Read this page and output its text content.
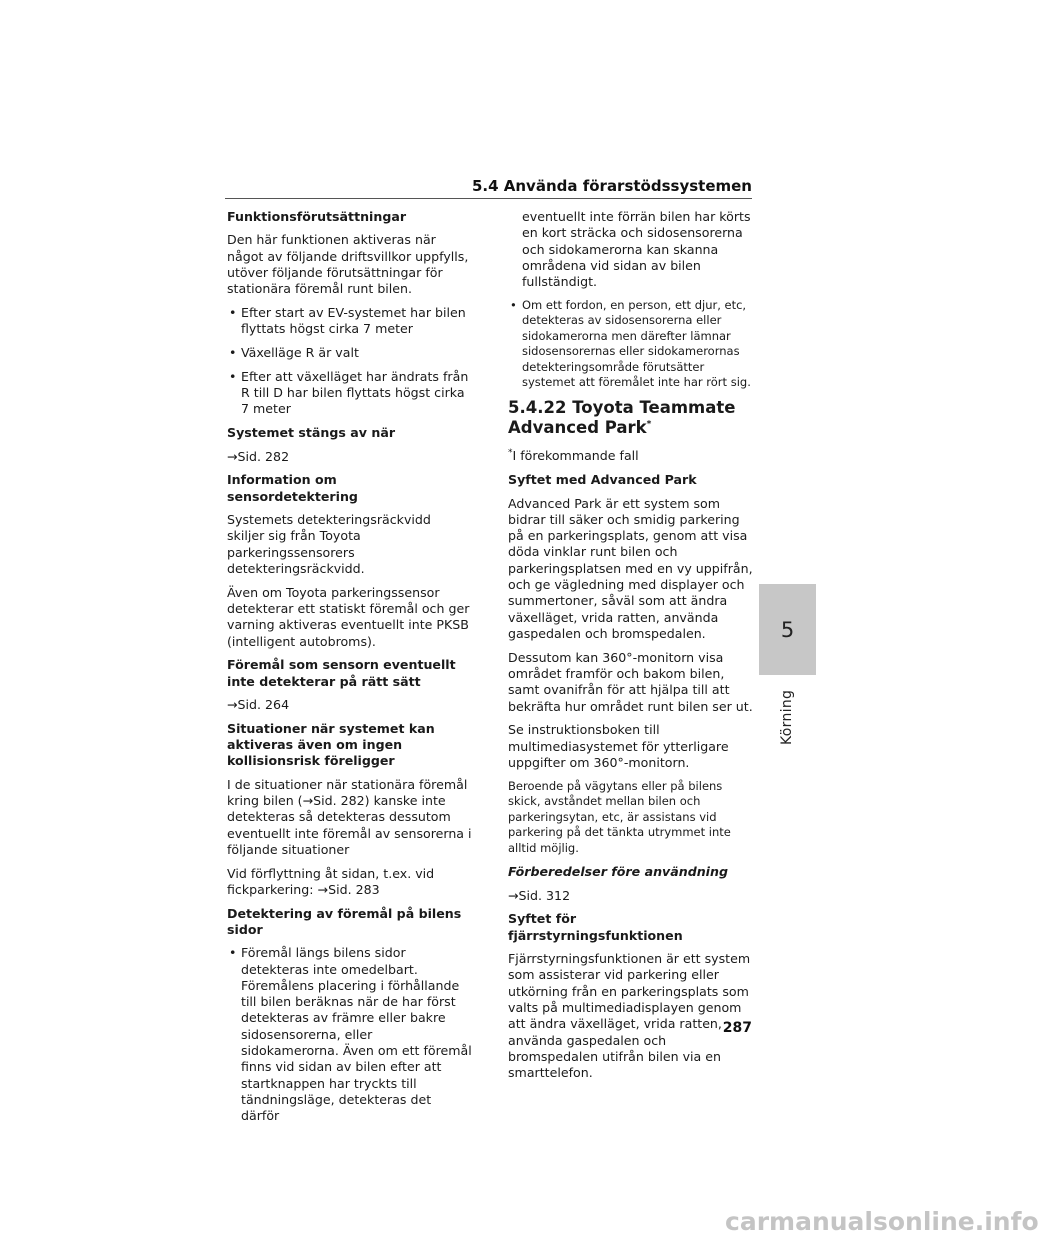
5.4 Använda förarstödssystemen

Funktionsförutsättningar

Den här funktionen aktiveras när något av följande driftsvillkor uppfylls, utöver följande förutsättningar för stationära föremål runt bilen.

• Efter start av EV-systemet har bilen flyttats högst cirka 7 meter
• Växelläge R är valt
• Efter att växelläget har ändrats från R till D har bilen flyttats högst cirka 7 meter

Systemet stängs av när

→Sid. 282

Information om sensordetektering

Systemets detekteringsräckvidd skiljer sig från Toyota parkeringssensorers detekteringsräckvidd.

Även om Toyota parkeringssensor detekterar ett statiskt föremål och ger varning aktiveras eventuellt inte PKSB (intelligent autobroms).

Föremål som sensorn eventuellt inte detekterar på rätt sätt

→Sid. 264

Situationer när systemet kan aktiveras även om ingen kollisionsrisk föreligger

I de situationer när stationära föremål kring bilen (→Sid. 282) kanske inte detekteras så detekteras dessutom eventuellt inte föremål av sensorerna i följande situationer

Vid förflyttning åt sidan, t.ex. vid fickparkering: →Sid. 283

Detektering av föremål på bilens sidor

• Föremål längs bilens sidor detekteras inte omedelbart. Föremålens placering i förhållande till bilen beräknas när de har först detekteras av främre eller bakre sidosensorerna, eller sidokamerorna. Även om ett föremål finns vid sidan av bilen efter att startknappen har tryckts till tändningsläge, detekteras det därför
eventuellt inte förrän bilen har körts en kort sträcka och sidosensorerna och sidokamerorna kan skanna områdena vid sidan av bilen fullständigt.
• Om ett fordon, en person, ett djur, etc, detekteras av sidosensorerna eller sidokamerorna men därefter lämnar sidosensorernas eller sidokamerornas detekteringsområde förutsätter systemet att föremålet inte har rört sig.
5.4.22 Toyota Teammate Advanced Park*

*I förekommande fall

Syftet med Advanced Park

Advanced Park är ett system som bidrar till säker och smidig parkering på en parkeringsplats, genom att visa döda vinklar runt bilen och parkeringsplatsen med en vy uppifrån, och ge vägledning med displayer och summertoner, såväl som att ändra växelläget, vrida ratten, använda gaspedalen och bromspedalen.

Dessutom kan 360°-monitorn visa området framför och bakom bilen, samt ovanifrån för att hjälpa till att bekräfta hur området runt bilen ser ut.

Se instruktionsboken till multimediasystemet för ytterligare uppgifter om 360°-monitorn.

Beroende på vägytans eller på bilens skick, avståndet mellan bilen och parkeringsytan, etc, är assistans vid parkering på det tänkta utrymmet inte alltid möjlig.

Förberedelser före användning

→Sid. 312

Syftet för fjärrstyrningsfunktionen

Fjärrstyrningsfunktionen är ett system som assisterar vid parkering eller utkörning från en parkeringsplats som valts på multimediadisplayen genom att ändra växelläget, vrida ratten, använda gaspedalen och bromspedalen utifrån bilen via en smarttelefon.

5
Körning
287
carmanualsonline.info
